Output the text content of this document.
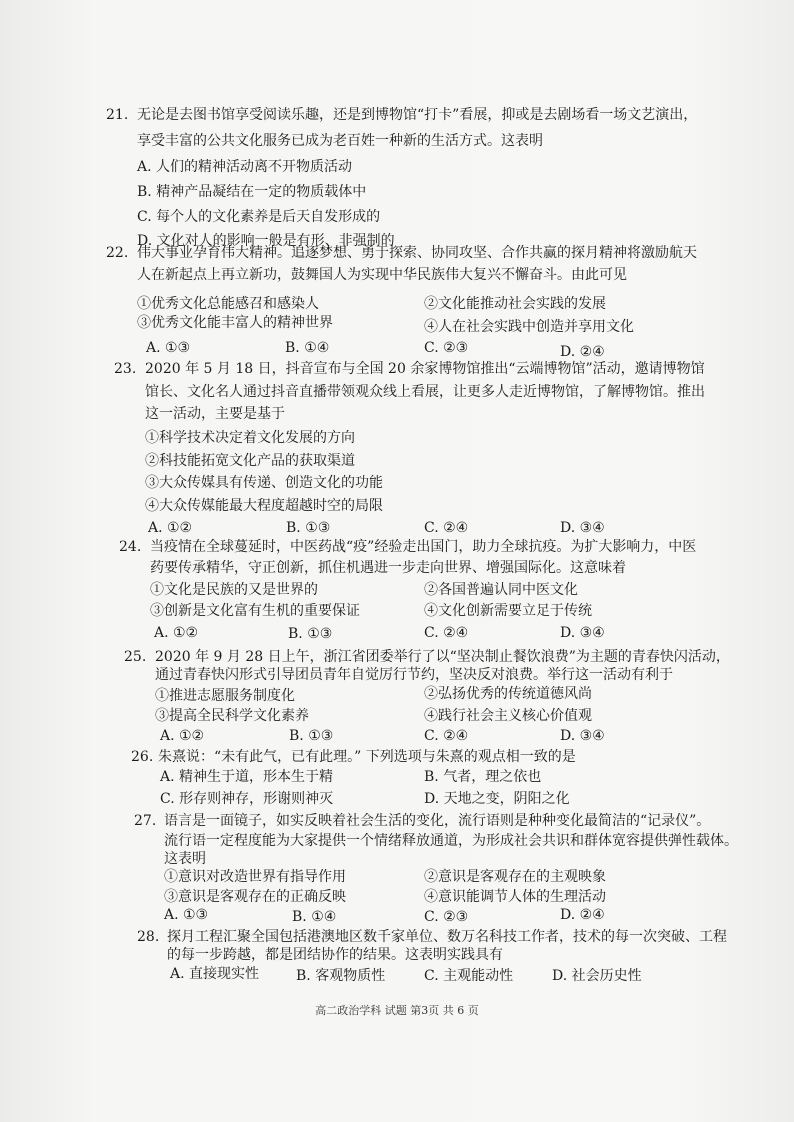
21. 无论是去图书馆享受阅读乐趣，还是到博物馆“打卡”看展，抑或是去剧场看一场文艺演出，
享受丰富的公共文化服务已成为老百姓一种新的生活方式。这表明
A. 人们的精神活动离不开物质活动
B. 精神产品凝结在一定的物质载体中
C. 每个人的文化素养是后天自发形成的
D. 文化对人的影响一般是有形、非强制的
22. 伟大事业孕育伟大精神。追逐梦想、勇于探索、协同攻坚、合作共赢的探月精神将激励航天
人在新起点上再立新功，鼓舞国人为实现中华民族伟大复兴不懈奋斗。由此可见
①优秀文化总能感召和感染人	②文化能推动社会实践的发展
③优秀文化能丰富人的精神世界	④人在社会实践中创造并享用文化
A. ①③	B. ①④	C. ②③	D. ②④
23. 2020 年 5 月 18 日，抖音宣布与全国 20 余家博物馆推出“云端博物馆”活动，邀请博物馆
馆长、文化名人通过抖音直播带领观众线上看展，让更多人走近博物馆，了解博物馆。推出
这一活动，主要是基于
①科学技术决定着文化发展的方向
②科技能拓宽文化产品的获取渠道
③大众传媒具有传递、创造文化的功能
④大众传媒能最大程度超越时空的局限
A. ①②	B. ①③	C. ②④	D. ③④
24. 当疫情在全球蔓延时，中医药战“疫”经验走出国门，助力全球抗疫。为扩大影响力，中医
药要传承精华，守正创新，抓住机遇进一步走向世界、增强国际化。这意味着
①文化是民族的又是世界的	②各国普遍认同中医文化
③创新是文化富有生机的重要保证	④文化创新需要立足于传统
A. ①②	B. ①③	C. ②④	D. ③④
25. 2020 年 9 月 28 日上午，浙江省团委举行了以“坚决制止餐饮浪费”为主题的青春快闪活动，
通过青春快闪形式引导团员青年自觉厉行节约，坚决反对浪费。举行这一活动有利于
①推进志愿服务制度化	②弘扬优秀的传统道德风尚
③提高全民科学文化素养	④践行社会主义核心价值观
A. ①②	B. ①③	C. ②④	D. ③④
26. 朱熹说：“未有此气，已有此理。” 下列选项与朱熹的观点相一致的是
A. 精神生于道，形本生于精	B. 气者，理之依也
C. 形存则神存，形谢则神灭	D. 天地之变，阴阳之化
27. 语言是一面镜子，如实反映着社会生活的变化，流行语则是种种变化最简洁的“记录仪”。
流行语一定程度能为大家提供一个情绪释放通道，为形成社会共识和群体宽容提供弹性载体。
这表明
①意识对改造世界有指导作用	②意识是客观存在的主观映象
③意识是客观存在的正确反映	④意识能调节人体的生理活动
A. ①③	B. ①④	C. ②③	D. ②④
28. 探月工程汇聚全国包括港澳地区数千家单位、数万名科技工作者，技术的每一次突破、工程
的每一步跨越，都是团结协作的结果。这表明实践具有
A. 直接现实性	B. 客观物质性	C. 主观能动性	D. 社会历史性
高二政治学科 试题 第3页 共 6 页
